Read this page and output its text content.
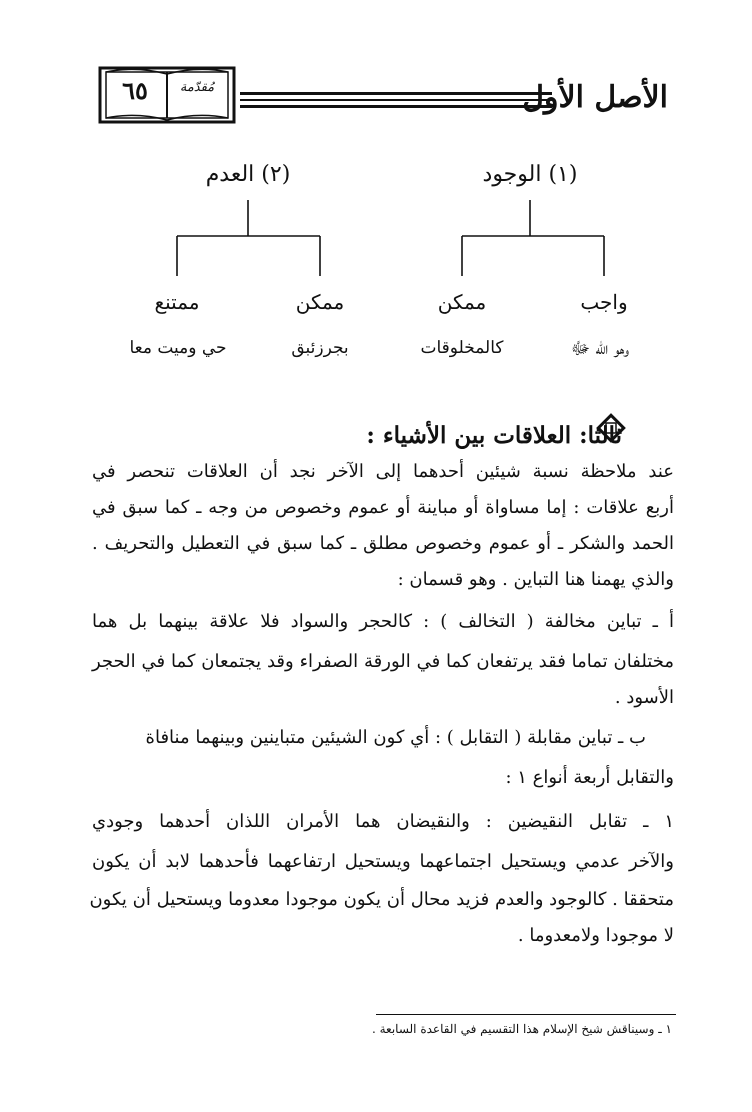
٦٥	مُقدّمة	الأصل الأول
(١) الوجود
(٢) العدم
واجب
ممكن
ممكن
ممتنع
وهو الله ﷻ
كالمخلوقات
بجرزئبق
حي وميت معا
ثالثا: العلاقات بين الأشياء :
عند ملاحظة نسبة شيئين أحدهما إلى الآخر نجد أن العلاقات تنحصر في
أربع علاقات : إما مساواة أو مباينة أو عموم وخصوص من وجه ـ كما سبق في
الحمد والشكر ـ أو عموم وخصوص مطلق ـ كما سبق في التعطيل والتحريف .
والذي يهمنا هنا التباين . وهو قسمان :
أ ـ تباين مخالفة ( التخالف ) : كالحجر والسواد فلا علاقة بينهما بل هما
مختلفان تماما فقد يرتفعان كما في الورقة الصفراء وقد يجتمعان كما في الحجر
الأسود .
ب ـ تباين مقابلة ( التقابل ) : أي كون الشيئين متباينين وبينهما منافاة
والتقابل أربعة أنواع ١ :
١ ـ تقابل النقيضين : والنقيضان هما الأمران اللذان أحدهما وجودي
والآخر عدمي ويستحيل اجتماعهما ويستحيل ارتفاعهما فأحدهما لابد أن يكون
متحققا . كالوجود والعدم فزيد محال أن يكون موجودا معدوما ويستحيل أن يكون
لا موجودا ولامعدوما .
١ ـ وسيناقش شيخ الإسلام هذا التقسيم في القاعدة السابعة .
